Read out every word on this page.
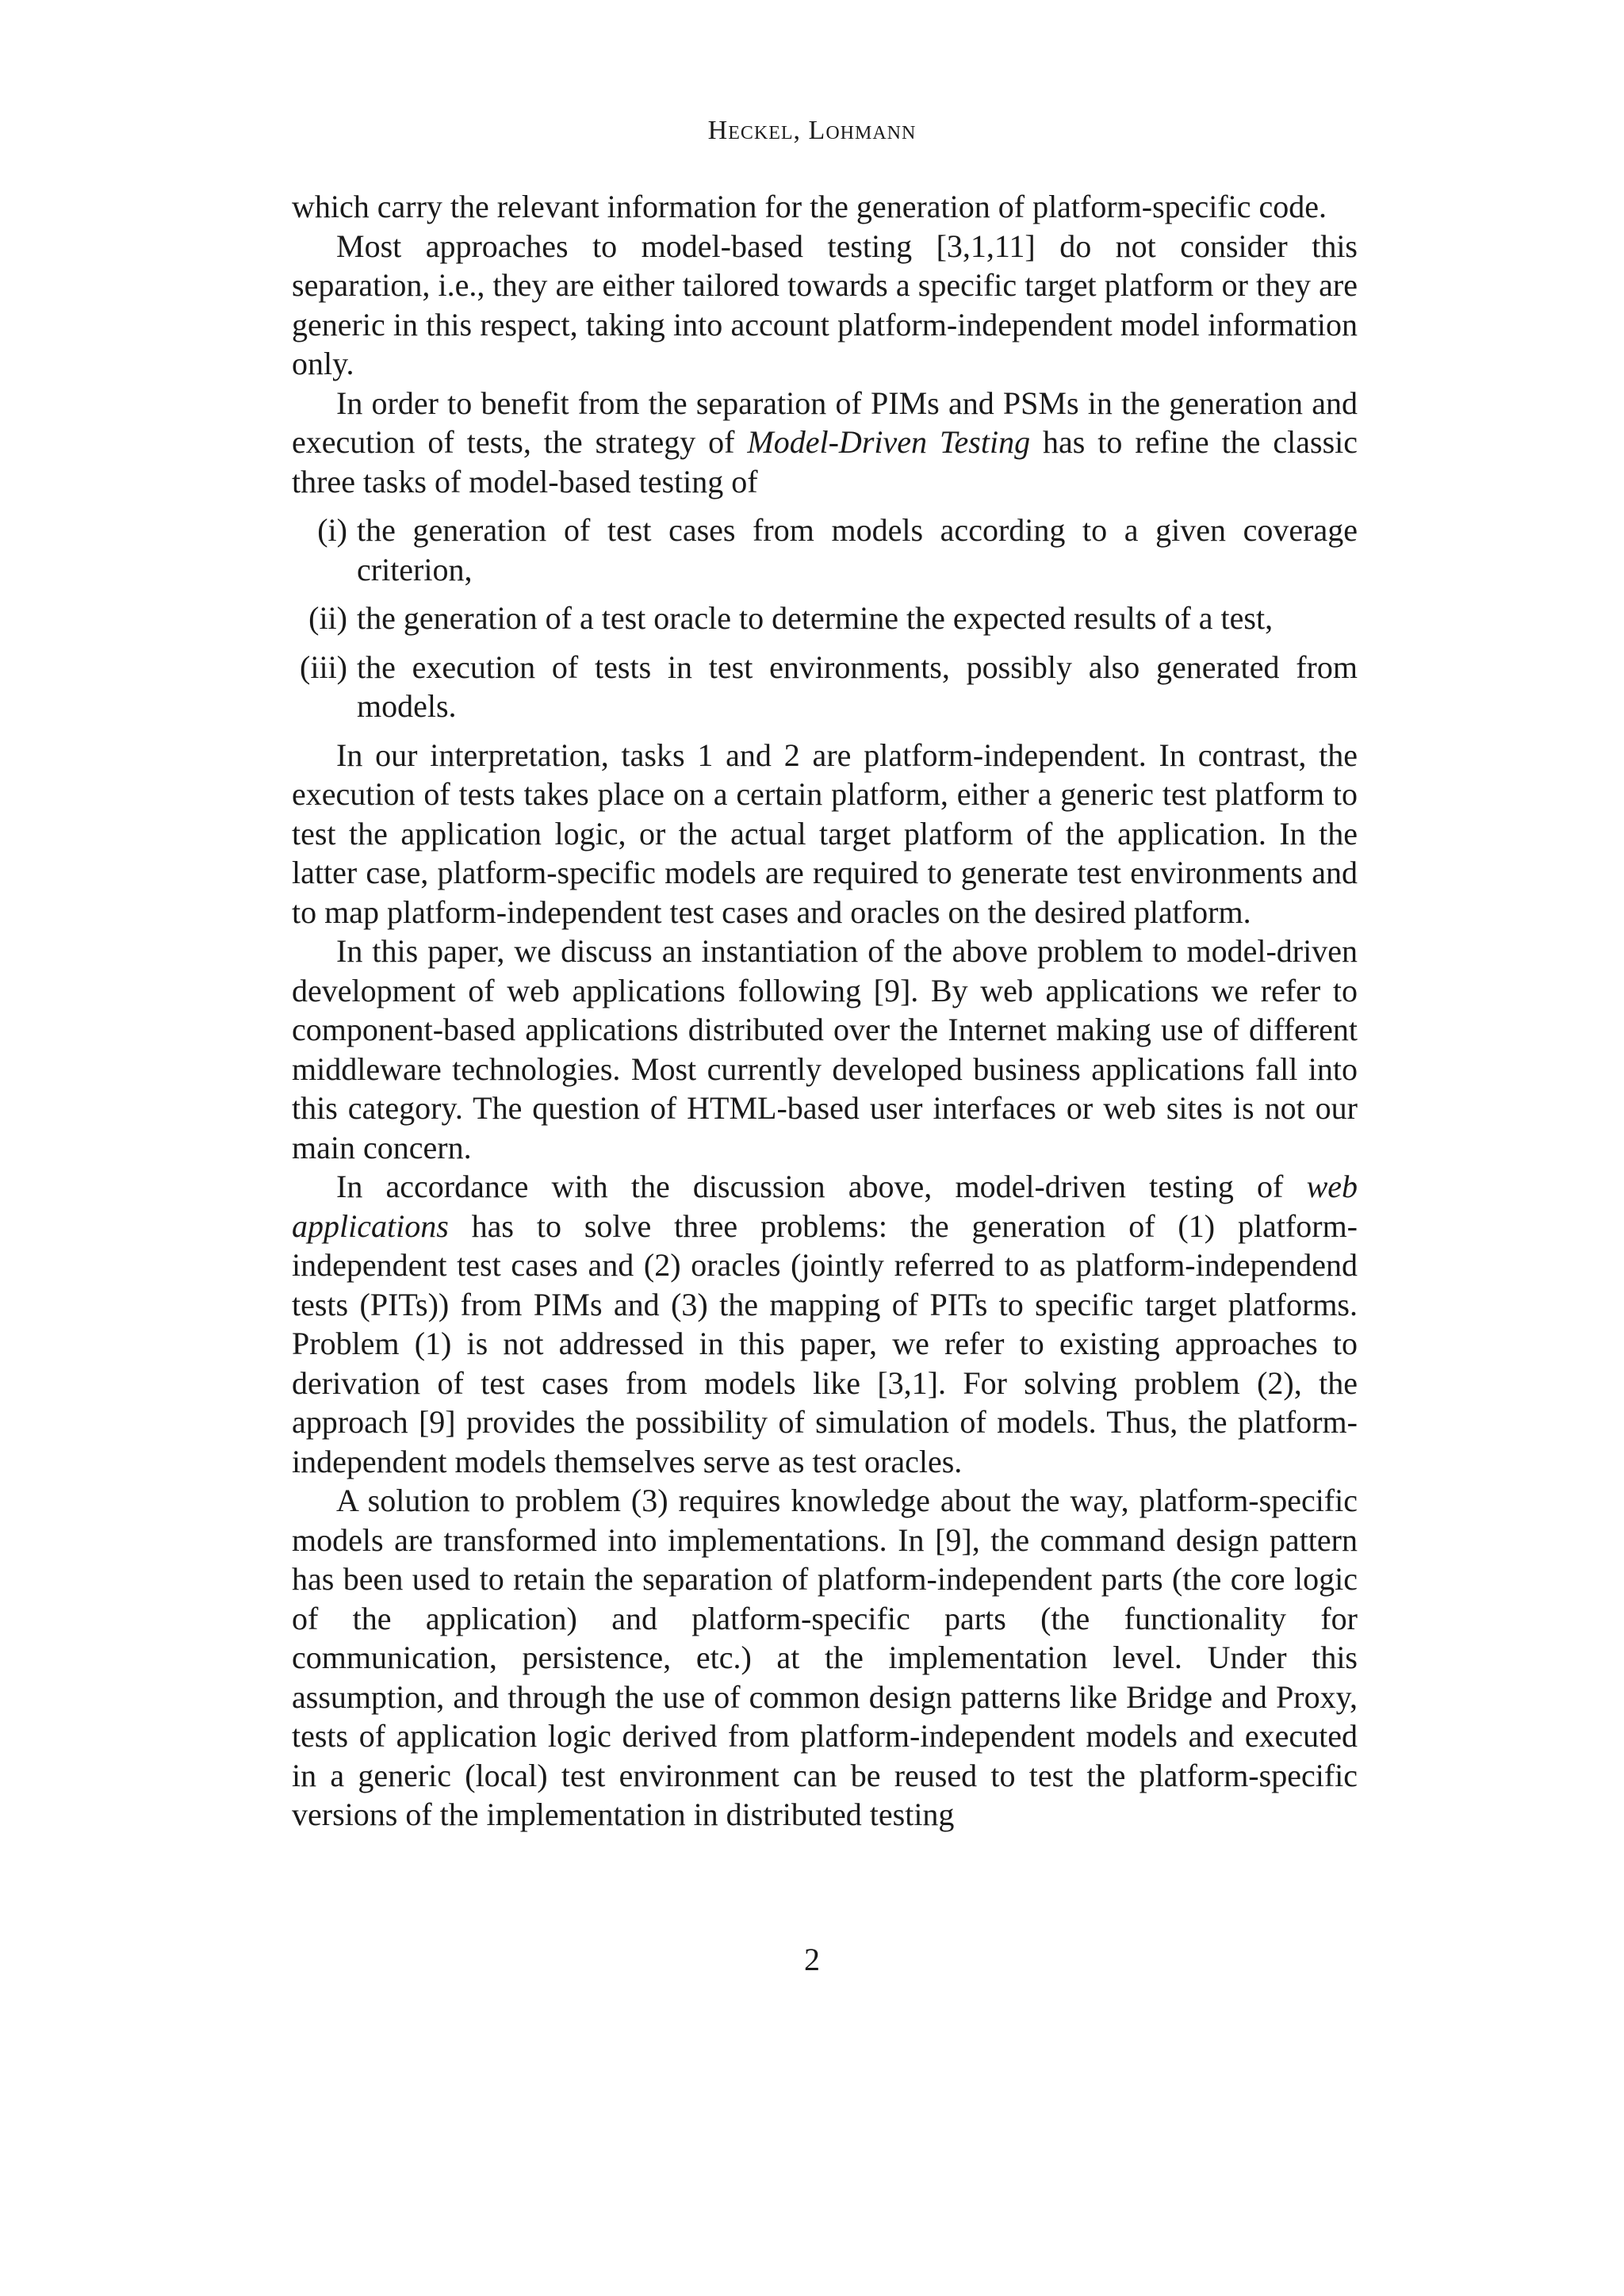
Heckel, Lohmann

which carry the relevant information for the generation of platform-specific code.

Most approaches to model-based testing [3,1,11] do not consider this separation, i.e., they are either tailored towards a specific target platform or they are generic in this respect, taking into account platform-independent model information only.

In order to benefit from the separation of PIMs and PSMs in the generation and execution of tests, the strategy of Model-Driven Testing has to refine the classic three tasks of model-based testing of

(i) the generation of test cases from models according to a given coverage criterion,
(ii) the generation of a test oracle to determine the expected results of a test,
(iii) the execution of tests in test environments, possibly also generated from models.

In our interpretation, tasks 1 and 2 are platform-independent. In contrast, the execution of tests takes place on a certain platform, either a generic test platform to test the application logic, or the actual target platform of the application. In the latter case, platform-specific models are required to generate test environments and to map platform-independent test cases and oracles on the desired platform.

In this paper, we discuss an instantiation of the above problem to model-driven development of web applications following [9]. By web applications we refer to component-based applications distributed over the Internet making use of different middleware technologies. Most currently developed business applications fall into this category. The question of HTML-based user interfaces or web sites is not our main concern.

In accordance with the discussion above, model-driven testing of web applications has to solve three problems: the generation of (1) platform-independent test cases and (2) oracles (jointly referred to as platform-independend tests (PITs)) from PIMs and (3) the mapping of PITs to specific target platforms. Problem (1) is not addressed in this paper, we refer to existing approaches to derivation of test cases from models like [3,1]. For solving problem (2), the approach [9] provides the possibility of simulation of models. Thus, the platform-independent models themselves serve as test oracles.

A solution to problem (3) requires knowledge about the way, platform-specific models are transformed into implementations. In [9], the command design pattern has been used to retain the separation of platform-independent parts (the core logic of the application) and platform-specific parts (the functionality for communication, persistence, etc.) at the implementation level. Under this assumption, and through the use of common design patterns like Bridge and Proxy, tests of application logic derived from platform-independent models and executed in a generic (local) test environment can be reused to test the platform-specific versions of the implementation in distributed testing

2
